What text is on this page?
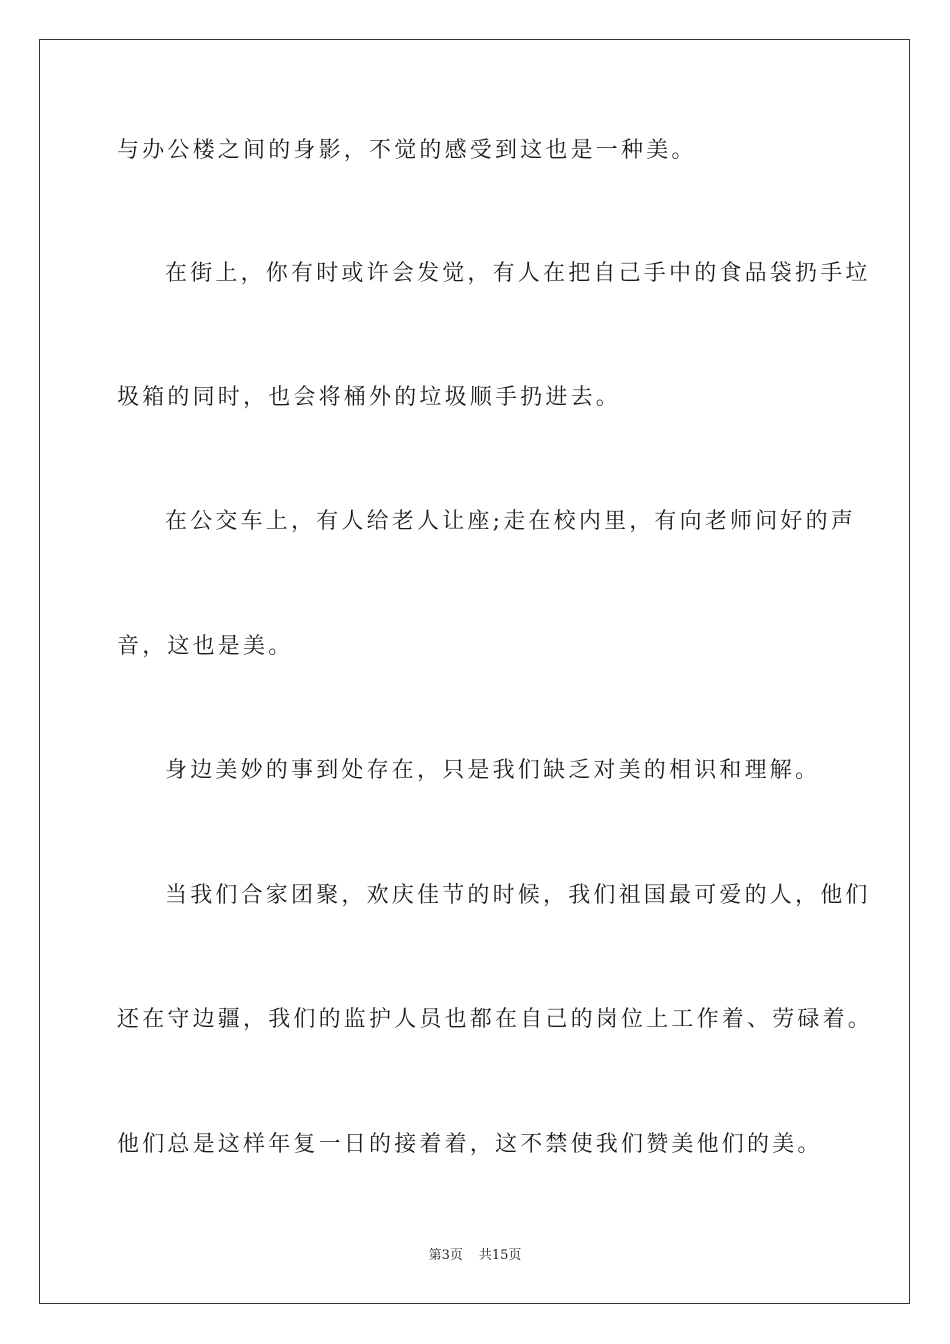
与办公楼之间的身影，不觉的感受到这也是一种美。
在街上，你有时或许会发觉，有人在把自己手中的食品袋扔手垃
圾箱的同时，也会将桶外的垃圾顺手扔进去。
在公交车上，有人给老人让座;走在校内里，有向老师问好的声
音，这也是美。
身边美妙的事到处存在，只是我们缺乏对美的相识和理解。
当我们合家团聚，欢庆佳节的时候，我们祖国最可爱的人，他们
还在守边疆，我们的监护人员也都在自己的岗位上工作着、劳碌着。
他们总是这样年复一日的接着着，这不禁使我们赞美他们的美。
第3页 共15页
